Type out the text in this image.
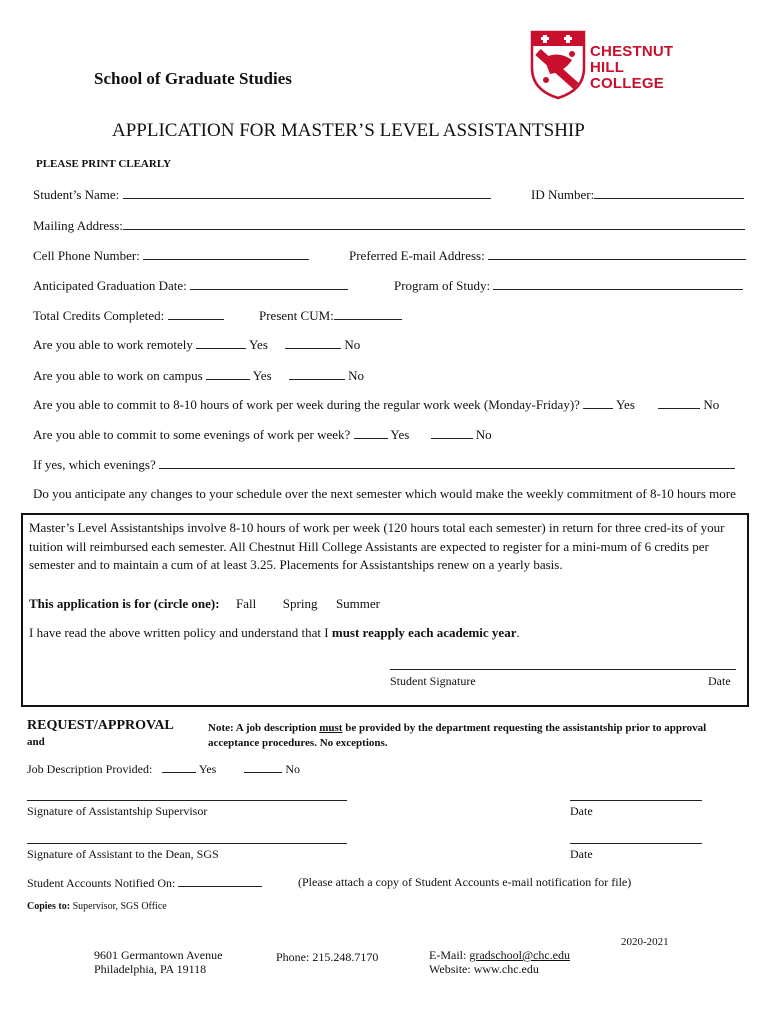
School of Graduate Studies
CHESTNUT
HILL
COLLEGE
APPLICATION FOR MASTER’S LEVEL ASSISTANTSHIP
PLEASE PRINT CLEARLY
Student’s Name:	ID Number:
Mailing Address:
Cell Phone Number:	Preferred E-mail Address:
Anticipated Graduation Date:	Program of Study:
Total Credits Completed:	Present CUM:
Are you able to work remotely	Yes	No
Are you able to work on campus	Yes	No
Are you able to commit to 8-10 hours of work per week during the regular work week (Monday-Friday)?	Yes	No
Are you able to commit to some evenings of work per week?	Yes	No
If yes, which evenings?
Do you anticipate any changes to your schedule over the next semester which would make the weekly commitment of 8-10 hours more
Master’s Level Assistantships involve 8-10 hours of work per week (120 hours total each semester) in return for three cred-its of your tuition will reimbursed each semester. All Chestnut Hill College Assistants are expected to register for a mini-mum of 6 credits per semester and to maintain a cum of at least 3.25. Placements for Assistantships renew on a yearly basis.
This application is for (circle one): Fall Spring Summer
I have read the above written policy and understand that I must reapply each academic year.
Student Signature	Date
REQUEST/APPROVAL
and
Note: A job description must be provided by the department requesting the assistantship prior to approval
acceptance procedures. No exceptions.
Job Description Provided:	Yes	No
Signature of Assistantship Supervisor	Date
Signature of Assistant to the Dean, SGS	Date
Student Accounts Notified On:	(Please attach a copy of Student Accounts e-mail notification for file)
Copies to: Supervisor, SGS Office
2020-2021
9601 Germantown Avenue
Philadelphia, PA 19118
Phone: 215.248.7170	E-Mail: gradschool@chc.edu
Website: www.chc.edu
